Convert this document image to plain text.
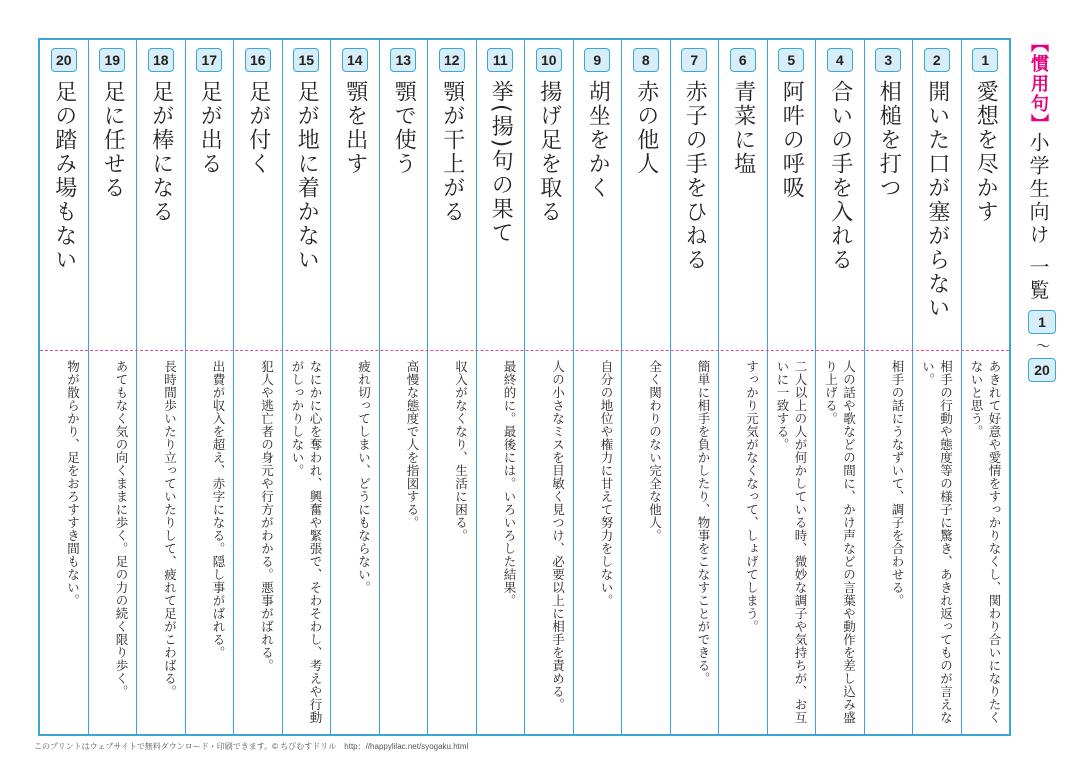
1
愛想を尽かす
あきれて好意や愛情をすっかりなくし、関わり合いになりたくないと思う。
2
開いた口が塞がらない
相手の行動や態度等の様子に驚き、あきれ返ってものが言えない。
3
相槌を打つ
相手の話にうなずいて、調子を合わせる。
4
合いの手を入れる
人の話や歌などの間に、かけ声などの言葉や動作を差し込み盛り上げる。
5
阿吽の呼吸
二人以上の人が何かしている時、微妙な調子や気持ちが、お互いに一致する。
6
青菜に塩
すっかり元気がなくなって、しょげてしまう。
7
赤子の手をひねる
簡単に相手を負かしたり、物事をこなすことができる。
8
赤の他人
全く関わりのない完全な他人。
9
胡坐をかく
自分の地位や権力に甘えて努力をしない。
10
揚げ足を取る
人の小さなミスを目敏く見つけ、必要以上に相手を責める。
11
挙(揚)句の果て
最終的に。最後には。いろいろした結果。
12
顎が干上がる
収入がなくなり、生活に困る。
13
顎で使う
高慢な態度で人を指図する。
14
顎を出す
疲れ切ってしまい、どうにもならない。
15
足が地に着かない
なにかに心を奪われ、興奮や緊張で、そわそわし、考えや行動がしっかりしない。
16
足が付く
犯人や逃亡者の身元や行方がわかる。悪事がばれる。
17
足が出る
出費が収入を超え、赤字になる。隠し事がばれる。
18
足が棒になる
長時間歩いたり立っていたりして、疲れて足がこわばる。
19
足に任せる
あてもなく気の向くままに歩く。足の力の続く限り歩く。
20
足の踏み場もない
物が散らかり、足をおろすすき間もない。
【慣用句】
小学生向け 一覧
1
〜
20
このプリントはウェブサイトで無料ダウンロード・印刷できます。© ちびむすドリル　http：//happylilac.net/syogaku.html
